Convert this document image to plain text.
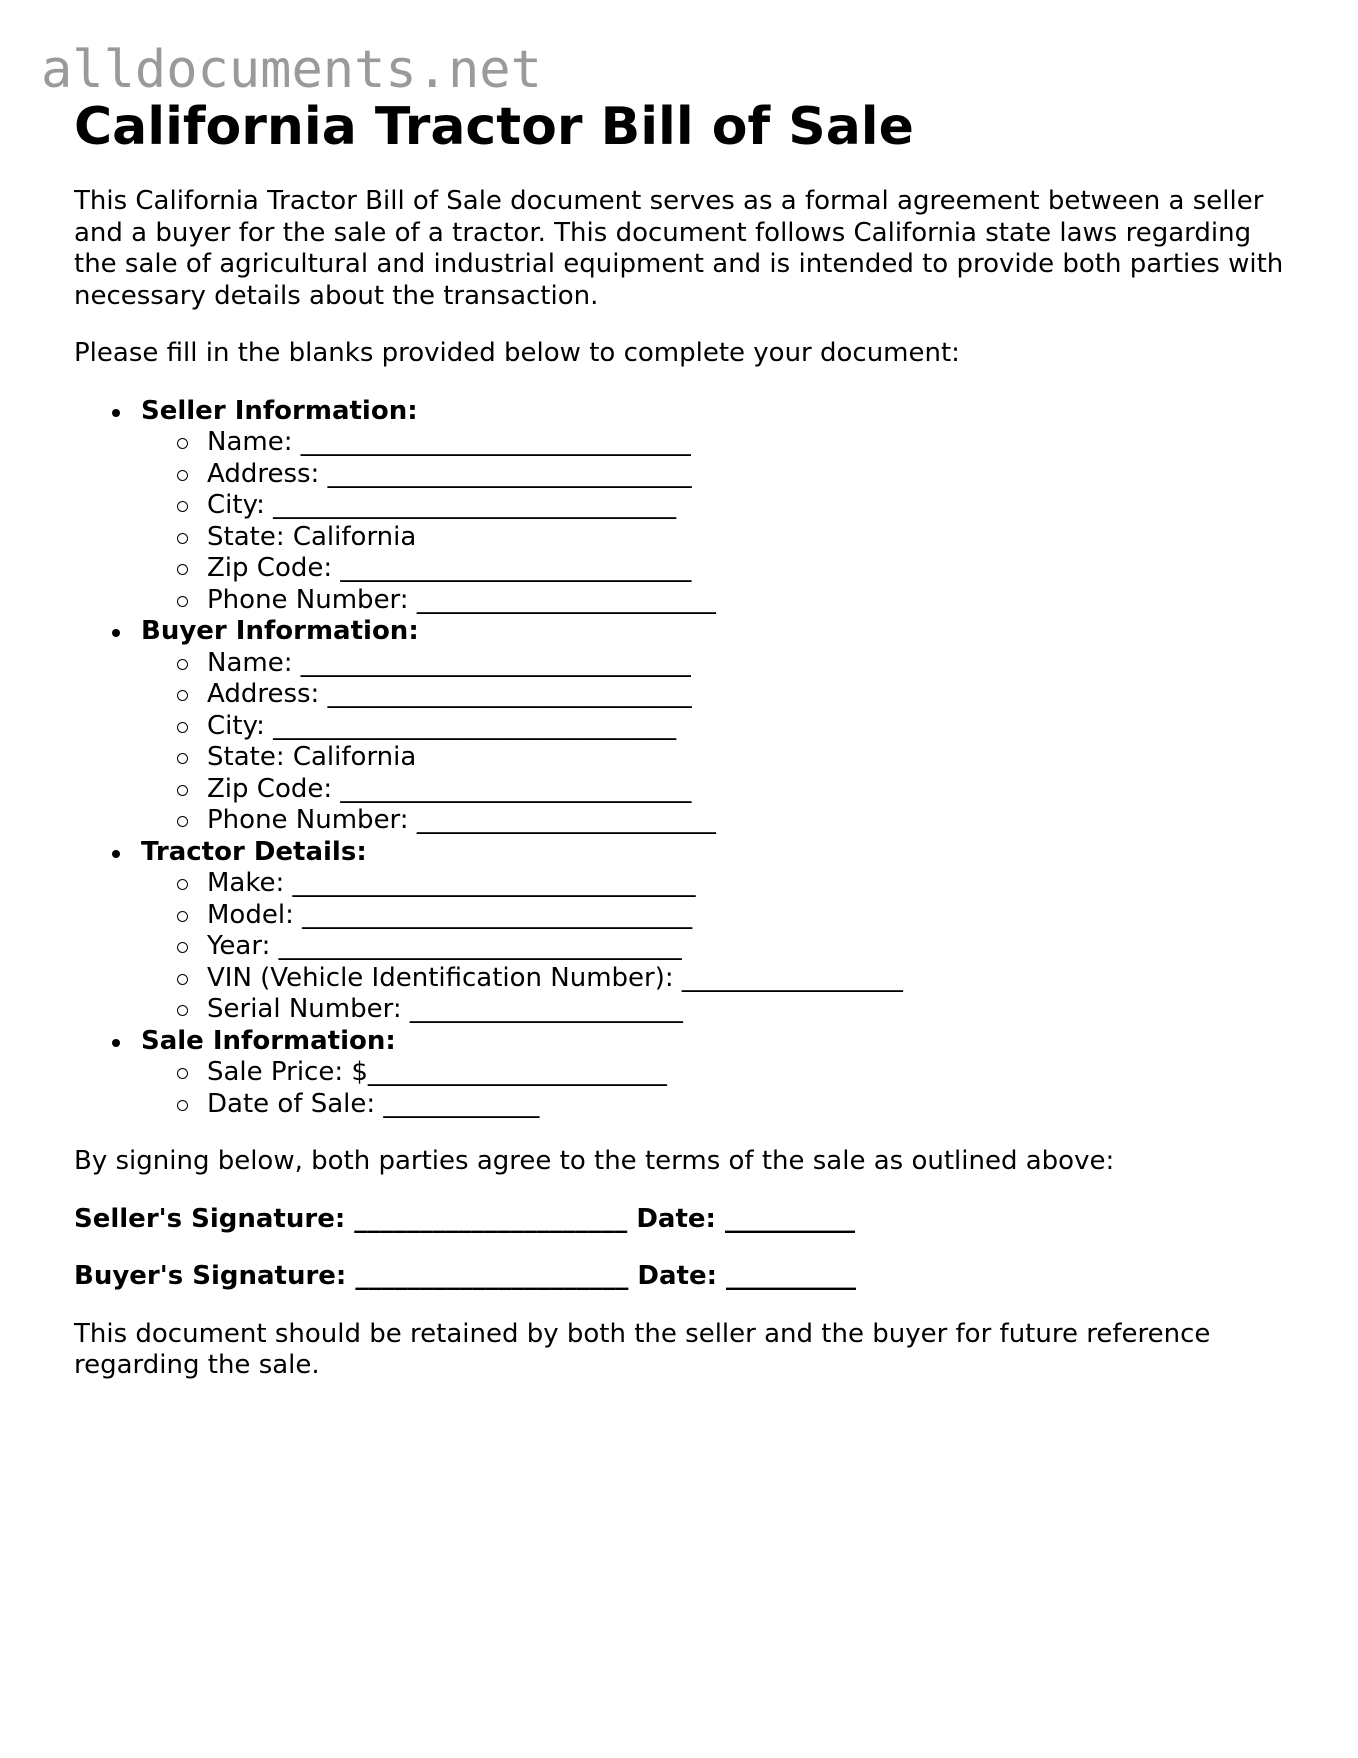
alldocuments.net
California Tractor Bill of Sale

This California Tractor Bill of Sale document serves as a formal agreement between a seller and a buyer for the sale of a tractor. This document follows California state laws regarding the sale of agricultural and industrial equipment and is intended to provide both parties with necessary details about the transaction.

Please fill in the blanks provided below to complete your document:

Seller Information:
Name: ______________________________
Address: ____________________________
City: _______________________________
State: California
Zip Code: ___________________________
Phone Number: _______________________
Buyer Information:
Name: ______________________________
Address: ____________________________
City: _______________________________
State: California
Zip Code: ___________________________
Phone Number: _______________________
Tractor Details:
Make: _______________________________
Model: ______________________________
Year: _______________________________
VIN (Vehicle Identification Number): _________________
Serial Number: _____________________
Sale Information:
Sale Price: $_______________________
Date of Sale: ____________

By signing below, both parties agree to the terms of the sale as outlined above:

Seller's Signature: _____________________ Date: __________

Buyer's Signature: _____________________ Date: __________

This document should be retained by both the seller and the buyer for future reference regarding the sale.
